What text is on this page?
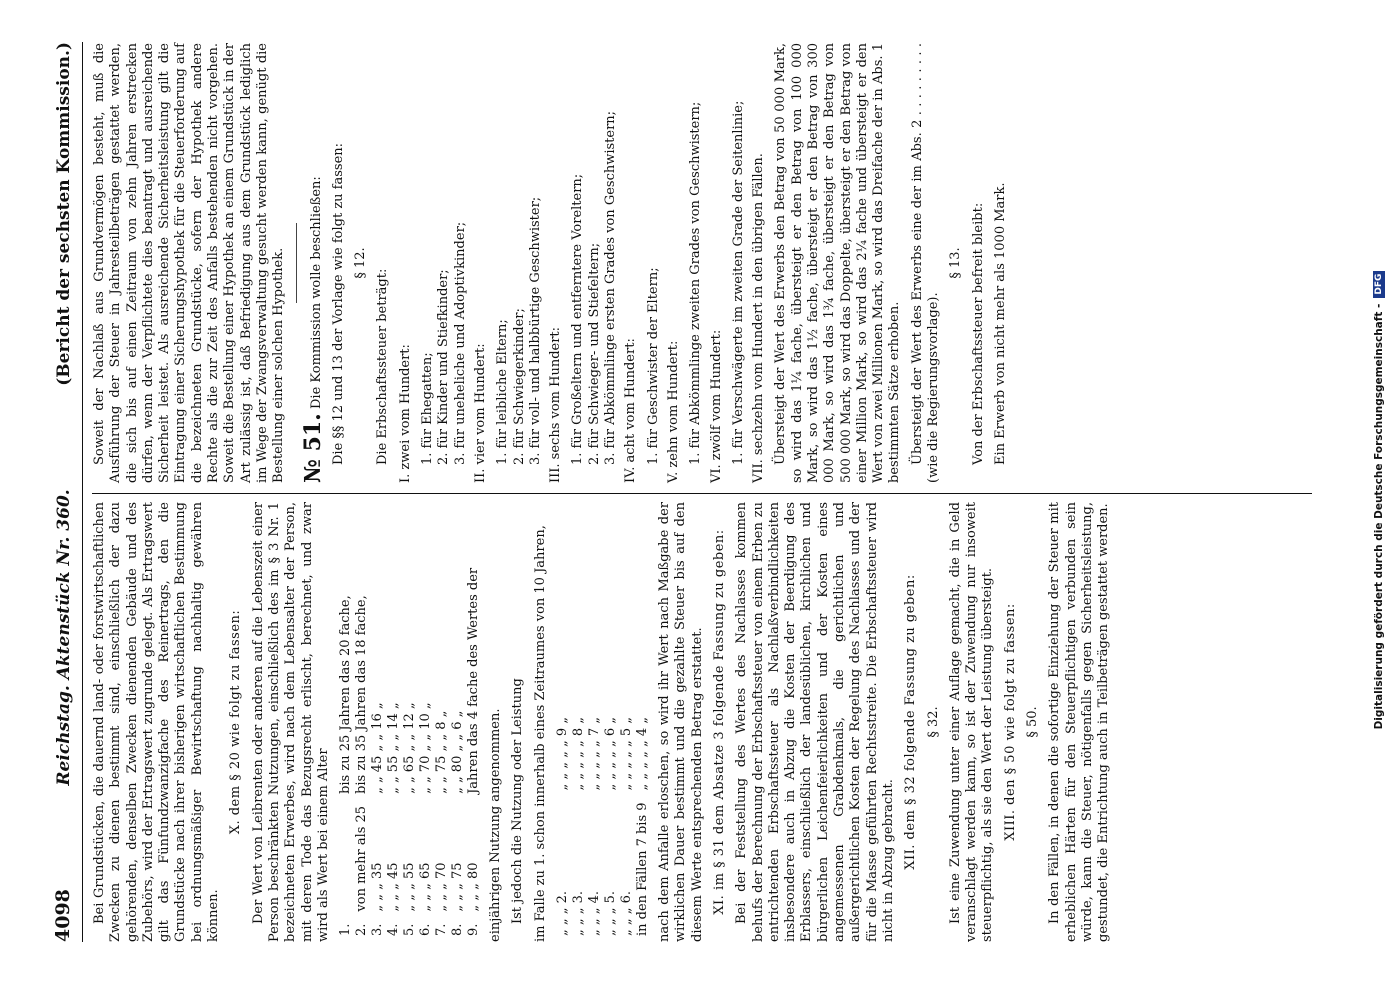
4098
Reichstag. Aktenstück Nr. 360.
(Bericht der sechsten Kommission.)

Bei Grundstücken, die dauernd land- oder forstwirtschaftlichen Zwecken zu dienen bestimmt sind, einschließlich der dazu gehörenden, denselben Zwecken dienenden Gebäude und des Zubehörs, wird der Ertragswert zugrunde gelegt. Als Ertragswert gilt das Fünfundzwanzigfache des Reinertrags, den die Grundstücke nach ihrer bisherigen wirtschaftlichen Bestimmung bei ordnungsmäßiger Bewirtschaftung nachhaltig gewähren können.

X. dem § 20 wie folgt zu fassen: Der Wert von Leibrenten oder anderen auf die Lebenszeit einer Person beschränkten Nutzungen, einschließlich des im § 3 Nr. 1 bezeichneten Erwerbes, wird nach dem Lebensalter der Person, mit deren Tode das Bezugsrecht erlischt, berechnet, und zwar wird als Wert bei einem Alter 1.		bis zu 25 Jahren das 20 fache,
2.	von mehr als 25	bis zu 35 Jahren das 18 fache,
3.	„ „ „ 35	„ „ 45 „ „ 16 „
4.	„ „ „ 45	„ „ 55 „ „ 14 „
5.	„ „ „ 55	„ „ 65 „ „ 12 „
6.	„ „ „ 65	„ „ 70 „ „ 10 „
7.	„ „ „ 70	„ „ 75 „ „ 8 „
8.	„ „ „ 75	„ „ 80 „ „ 6 „
9.	„ „ „ 80	Jahren das 4 fache des Wertes der

einjährigen Nutzung angenommen. Ist jedoch die Nutzung oder Leistung im Falle zu 1. schon innerhalb eines Zeitraumes von 10 Jahren, „ „ „ 2.	„ „ „ „ „ 9 „
„ „ „ 3.	„ „ „ „ „ 8 „
„ „ „ 4.	„ „ „ „ „ 7 „
„ „ „ 5.	„ „ „ „ „ 6 „
„ „ „ 6.	„ „ „ „ „ 5 „
in den Fällen 7 bis 9	„ „ „ „ „ 4 „ nach dem Anfalle erloschen, so wird ihr Wert nach Maßgabe der wirklichen Dauer bestimmt und die gezahlte Steuer bis auf den diesem Werte entsprechenden Betrag erstattet. XI. im § 31 dem Absatze 3 folgende Fassung zu geben: Bei der Feststellung des Wertes des Nachlasses kommen behufs der Berechnung der Erbschaftssteuer von einem Erben zu entrichtenden Erbschaftssteuer als Nachlaßverbindlichkeiten insbesondere auch in Abzug die Kosten der Beerdigung des Erblassers, einschließlich der landesüblichen, kirchlichen und bürgerlichen Leichenfeierlichkeiten und der Kosten eines angemessenen Grabdenkmals, die gerichtlichen und außergerichtlichen Kosten der Regelung des Nachlasses und der für die Masse geführten Rechtsstreite. Die Erbschaftssteuer wird nicht in Abzug gebracht. XII. dem § 32 folgende Fassung zu geben: § 32. Ist eine Zuwendung unter einer Auflage gemacht, die in Geld veranschlagt werden kann, so ist der Zuwendung nur insoweit steuerpflichtig, als sie den Wert der Leistung übersteigt. XIII. den § 50 wie folgt zu fassen: § 50. In den Fällen, in denen die sofortige Einziehung der Steuer mit erheblichen Härten für den Steuerpflichtigen verbunden sein würde, kann die Steuer, nötigenfalls gegen Sicherheitsleistung, gestundet, die Entrichtung auch in Teilbeträgen gestattet werden.

Soweit der Nachlaß aus Grundvermögen besteht, muß die Ausführung der Steuer in Jahresteilbeträgen gestattet werden, die sich bis auf einen Zeitraum von zehn Jahren erstrecken dürfen, wenn der Verpflichtete dies beantragt und ausreichende Sicherheit leistet. Als ausreichende Sicherheitsleistung gilt die Eintragung einer Sicherungshypothek für die Steuerforderung auf die bezeichneten Grundstücke, sofern der Hypothek andere Rechte als die zur Zeit des Anfalls bestehenden nicht vorgehen. Soweit die Bestellung einer Hypothek an einem Grundstück in der Art zulässig ist, daß Befriedigung aus dem Grundstück lediglich im Wege der Zwangsverwaltung gesucht werden kann, genügt die Bestellung einer solchen Hypothek. № 51. Die Kommission wolle beschließen: Die §§ 12 und 13 der Vorlage wie folgt zu fassen: § 12.

Die Erbschaftssteuer beträgt: I. zwei vom Hundert: 1. für Ehegatten; 2. für Kinder und Stiefkinder; 3. für uneheliche und Adoptivkinder; II. vier vom Hundert: 1. für leibliche Eltern; 2. für Schwiegerkinder; 3. für voll- und halbbürtige Geschwister; III. sechs vom Hundert: 1. für Großeltern und entferntere Voreltern; 2. für Schwieger- und Stiefeltern; 3. für Abkömmlinge ersten Grades von Geschwistern; IV. acht vom Hundert: 1. für Geschwister der Eltern; V. zehn vom Hundert: 1. für Abkömmlinge zweiten Grades von Geschwistern; VI. zwölf vom Hundert: 1. für Verschwägerte im zweiten Grade der Seitenlinie; VII. sechzehn vom Hundert in den übrigen Fällen. Übersteigt der Wert des Erwerbs den Betrag von 50 000 Mark, so wird das 1¼ fache, übersteigt er den Betrag von 100 000 Mark, so wird das 1½ fache, übersteigt er den Betrag von 300 000 Mark, so wird das 1¾ fache, übersteigt er den Betrag von 500 000 Mark, so wird das Doppelte, übersteigt er den Betrag von einer Million Mark, so wird das 2¼ fache und übersteigt er den Wert von zwei Millionen Mark, so wird das Dreifache der in Abs. 1 bestimmten Sätze erhoben. Übersteigt der Wert des Erwerbs eine der im Abs. 2 . . . . . . . . . (wie die Regierungsvorlage).

§ 13. Von der Erbschaftssteuer befreit bleibt: Ein Erwerb von nicht mehr als 1000 Mark.	Digitalisierung gefördert durch die Deutsche Forschungsgemeinschaft -
DFG
